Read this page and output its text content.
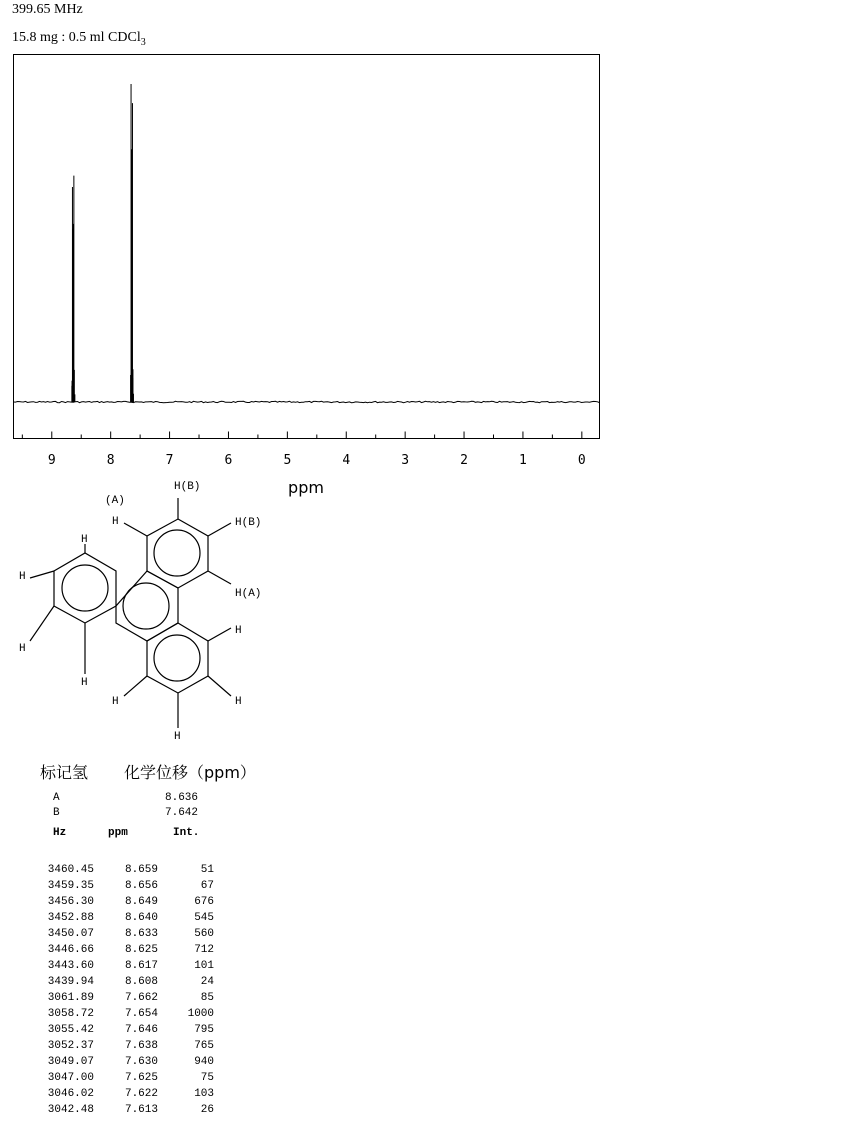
399.65 MHz
15.8 mg : 0.5 ml CDCl$_3$
9	8	7	6	5	4	3	2	1	0
ppm
(A)
H(B)
H(B)
H(A)
H
H
H
H
H
H
H
H
H
标记氢 化学位移（ppm）
A	8.636
B	7.642
Hz	ppm	Int.
3460.45	8.659	51
3459.35	8.656	67
3456.30	8.649	676
3452.88	8.640	545
3450.07	8.633	560
3446.66	8.625	712
3443.60	8.617	101
3439.94	8.608	24
3061.89	7.662	85
3058.72	7.654	1000
3055.42	7.646	795
3052.37	7.638	765
3049.07	7.630	940
3047.00	7.625	75
3046.02	7.622	103
3042.48	7.613	26
